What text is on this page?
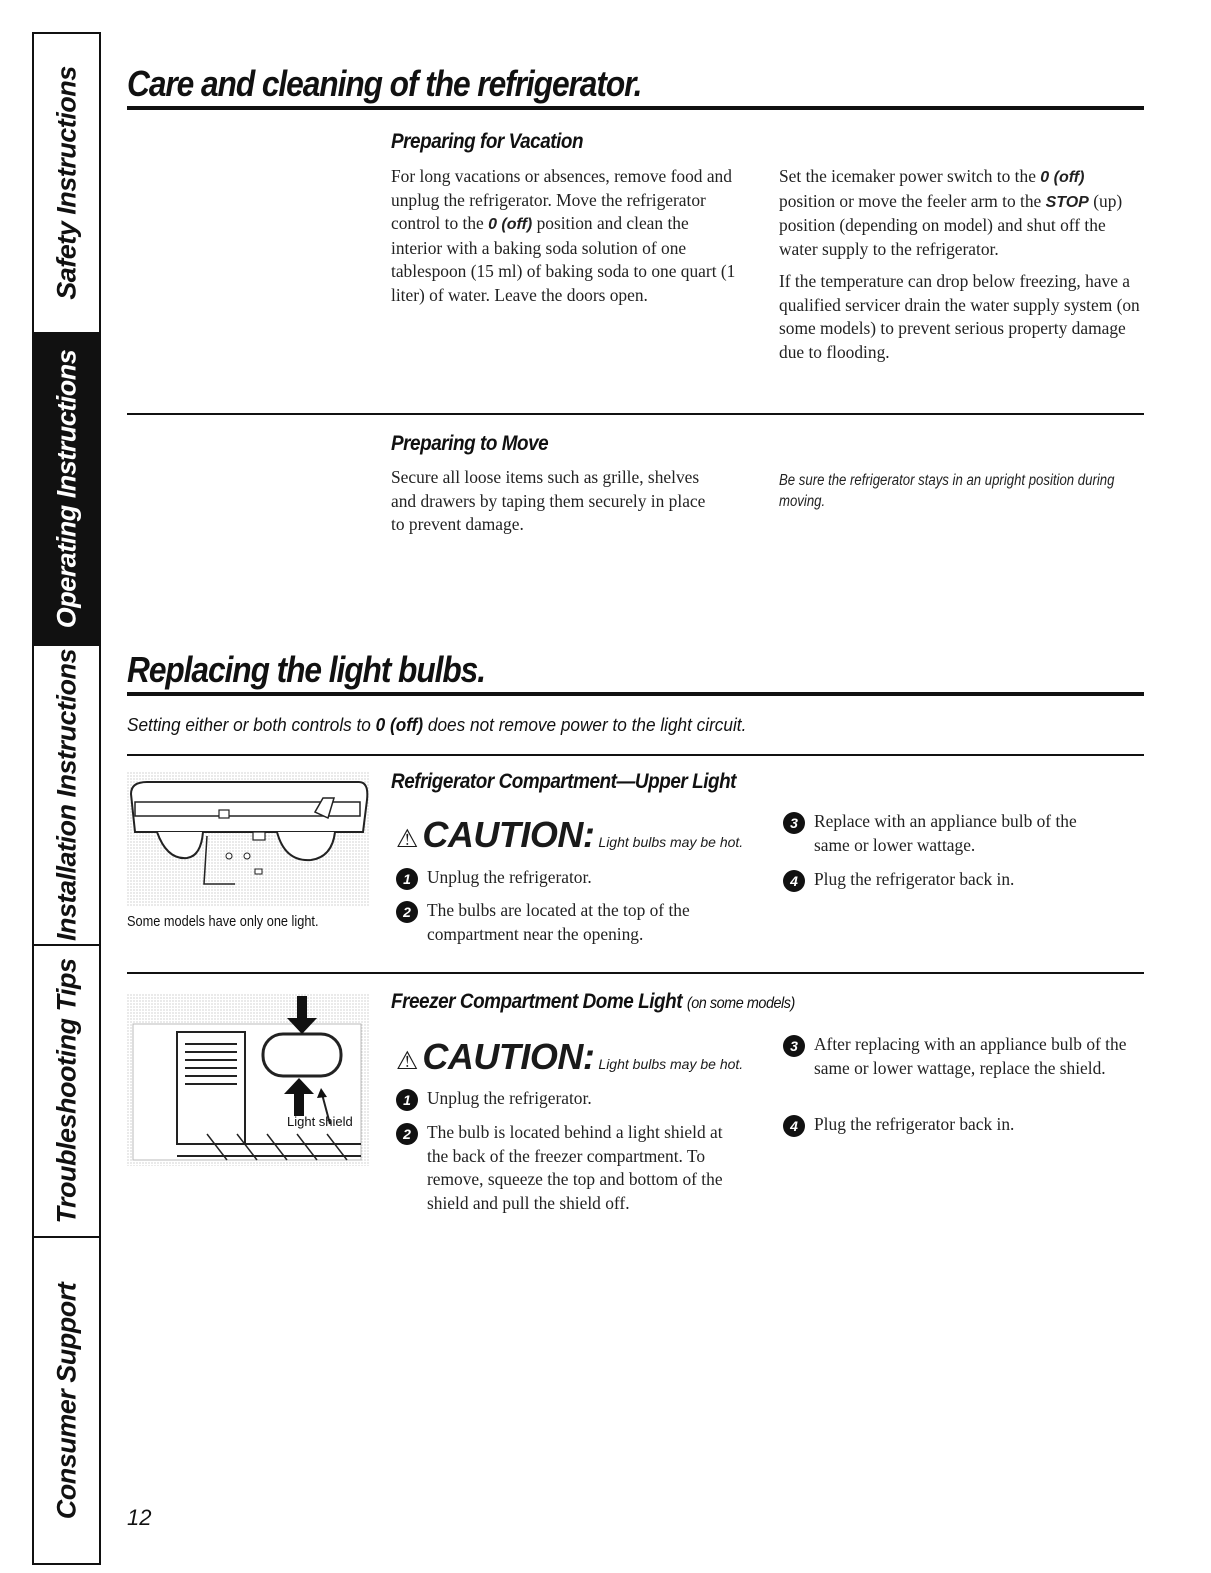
Safety Instructions
Operating Instructions
Installation Instructions
Troubleshooting Tips
Consumer Support
Care and cleaning of the refrigerator.
Preparing for Vacation

For long vacations or absences, remove food and unplug the refrigerator. Move the refrigerator control to the 0 (off) position and clean the interior with a baking soda solution of one tablespoon (15 ml) of baking soda to one quart (1 liter) of water. Leave the doors open.

Set the icemaker power switch to the 0 (off) position or move the feeler arm to the STOP (up) position (depending on model) and shut off the water supply to the refrigerator.

If the temperature can drop below freezing, have a qualified servicer drain the water supply system (on some models) to prevent serious property damage due to flooding.

Preparing to Move

Secure all loose items such as grille, shelves and drawers by taping them securely in place to prevent damage.

Be sure the refrigerator stays in an upright position during moving.
Replacing the light bulbs.
Setting either or both controls to 0 (off) does not remove power to the light circuit.
Some models have only one light.
Refrigerator Compartment—Upper Light
⚠ CAUTION: Light bulbs may be hot.
1 Unplug the refrigerator.
2 The bulbs are located at the top of the compartment near the opening.
3 Replace with an appliance bulb of the same or lower wattage.
4 Plug the refrigerator back in.
Light shield
Freezer Compartment Dome Light (on some models)
⚠ CAUTION: Light bulbs may be hot.
1 Unplug the refrigerator.
2 The bulb is located behind a light shield at the back of the freezer compartment. To remove, squeeze the top and bottom of the shield and pull the shield off.
3 After replacing with an appliance bulb of the same or lower wattage, replace the shield.
4 Plug the refrigerator back in.
12
